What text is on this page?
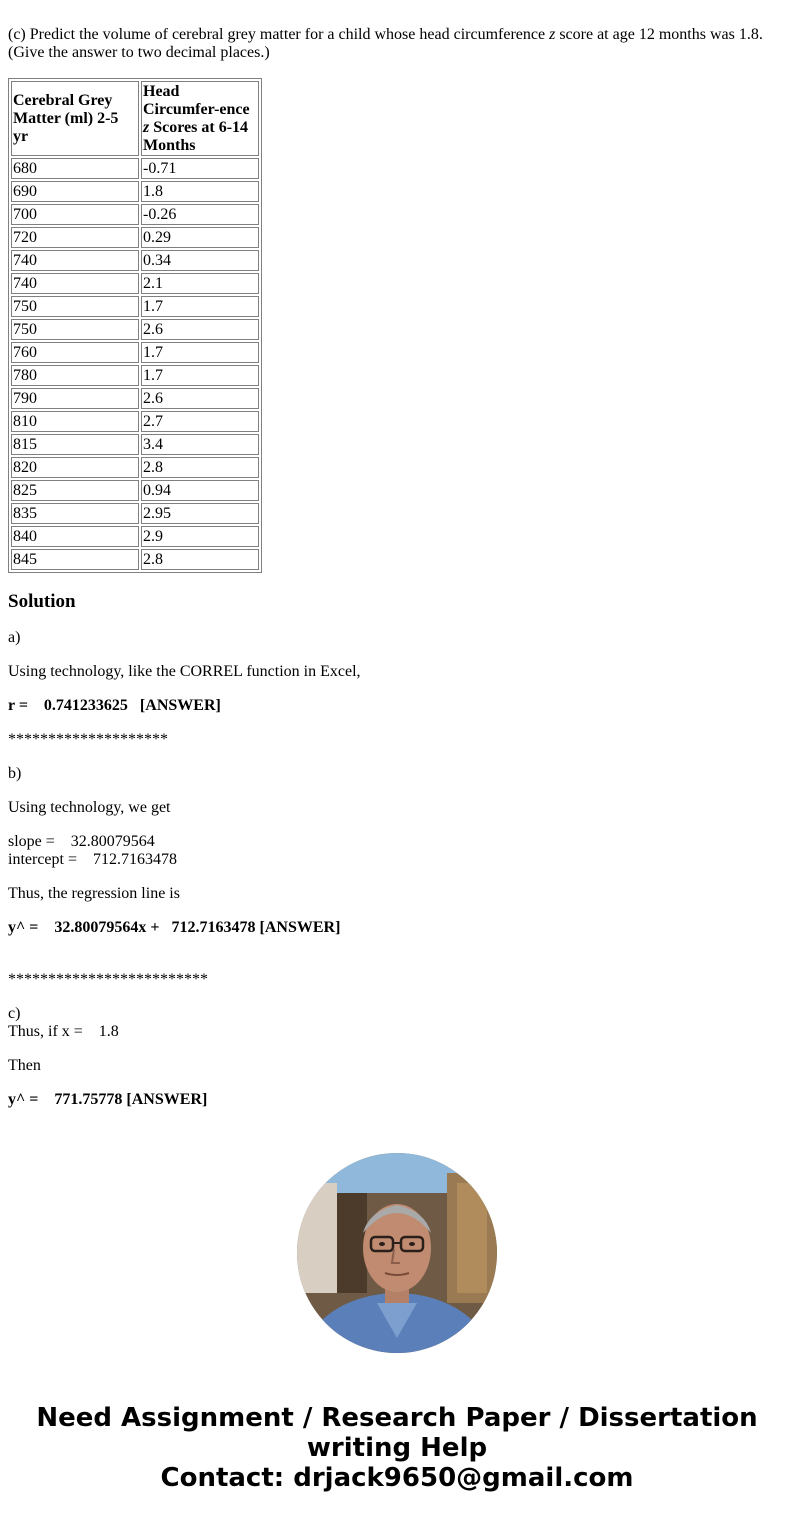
(c) Predict the volume of cerebral grey matter for a child whose head circumference z score at age 12 months was 1.8. (Give the answer to two decimal places.)
Cerebral Grey Matter (ml) 2-5 yr	Head Circumfer-ence z Scores at 6-14 Months
680	-0.71
690	1.8
700	-0.26
720	0.29
740	0.34
740	2.1
750	1.7
750	2.6
760	1.7
780	1.7
790	2.6
810	2.7
815	3.4
820	2.8
825	0.94
835	2.95
840	2.9
845	2.8
Solution

a)

Using technology, like the CORREL function in Excel,

r =    0.741233625   [ANSWER]

********************

b)

Using technology, we get

slope =    32.80079564
intercept =    712.7163478

Thus, the regression line is

y^ =    32.80079564x +   712.7163478 [ANSWER]

*************************

c)
Thus, if x =    1.8

Then

y^ =    771.75778 [ANSWER]

Need Assignment / Research Paper / Dissertation
writing Help
Contact: drjack9650@gmail.com
